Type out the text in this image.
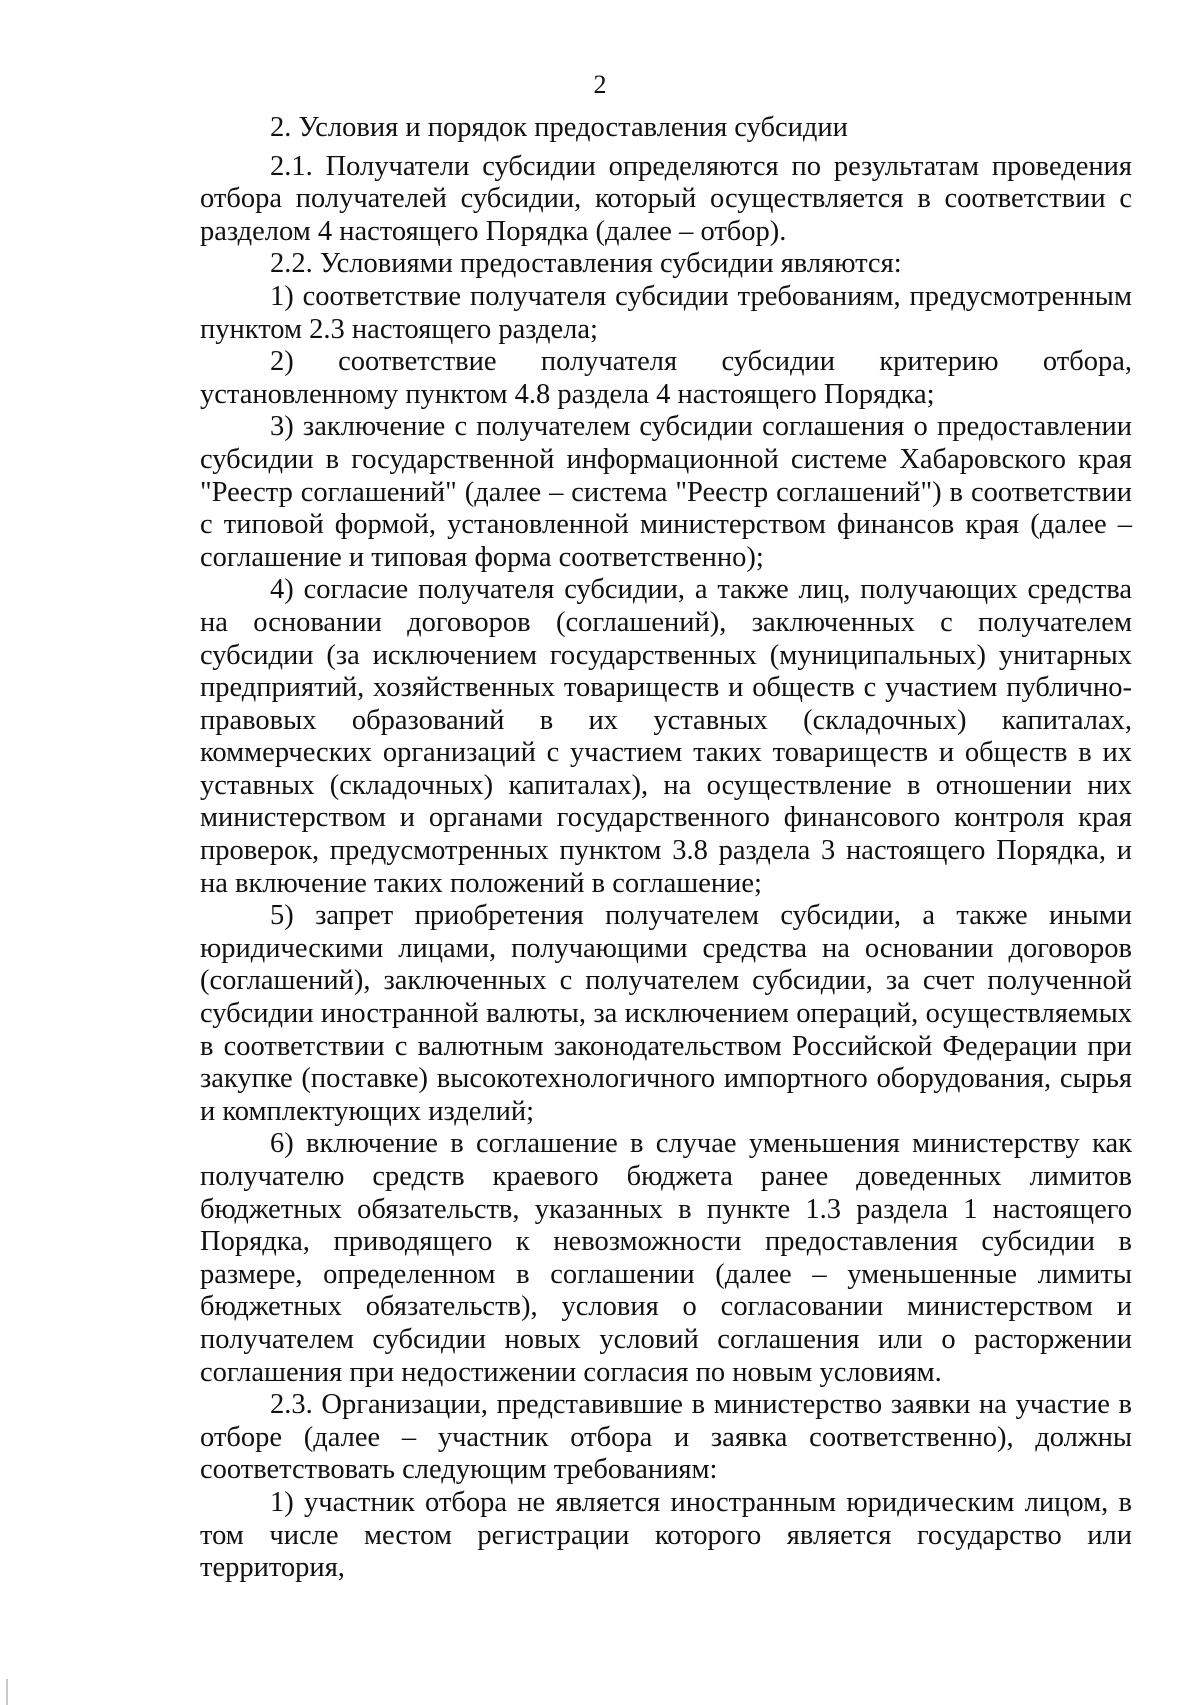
2

2. Условия и порядок предоставления субсидии

2.1. Получатели субсидии определяются по результатам проведения отбора получателей субсидии, который осуществляется в соответствии с разделом 4 настоящего Порядка (далее – отбор).

2.2. Условиями предоставления субсидии являются:

1) соответствие получателя субсидии требованиям, предусмотренным пунктом 2.3 настоящего раздела;

2) соответствие получателя субсидии критерию отбора, установленному пунктом 4.8 раздела 4 настоящего Порядка;

3) заключение с получателем субсидии соглашения о предоставлении субсидии в государственной информационной системе Хабаровского края "Реестр соглашений" (далее – система "Реестр соглашений") в соответствии с типовой формой, установленной министерством финансов края (далее – соглашение и типовая форма соответственно);

4) согласие получателя субсидии, а также лиц, получающих средства на основании договоров (соглашений), заключенных с получателем субсидии (за исключением государственных (муниципальных) унитарных предприятий, хозяйственных товариществ и обществ с участием публично-правовых образований в их уставных (складочных) капиталах, коммерческих организаций с участием таких товариществ и обществ в их уставных (складочных) капиталах), на осуществление в отношении них министерством и органами государственного финансового контроля края проверок, предусмотренных пунктом 3.8 раздела 3 настоящего Порядка, и на включение таких положений в соглашение;

5) запрет приобретения получателем субсидии, а также иными юридическими лицами, получающими средства на основании договоров (соглашений), заключенных с получателем субсидии, за счет полученной субсидии иностранной валюты, за исключением операций, осуществляемых в соответствии с валютным законодательством Российской Федерации при закупке (поставке) высокотехнологичного импортного оборудования, сырья и комплектующих изделий;

6) включение в соглашение в случае уменьшения министерству как получателю средств краевого бюджета ранее доведенных лимитов бюджетных обязательств, указанных в пункте 1.3 раздела 1 настоящего Порядка, приводящего к невозможности предоставления субсидии в размере, определенном в соглашении (далее – уменьшенные лимиты бюджетных обязательств), условия о согласовании министерством и получателем субсидии новых условий соглашения или о расторжении соглашения при недостижении согласия по новым условиям.

2.3. Организации, представившие в министерство заявки на участие в отборе (далее – участник отбора и заявка соответственно), должны соответствовать следующим требованиям:

1) участник отбора не является иностранным юридическим лицом, в том числе местом регистрации которого является государство или территория,
